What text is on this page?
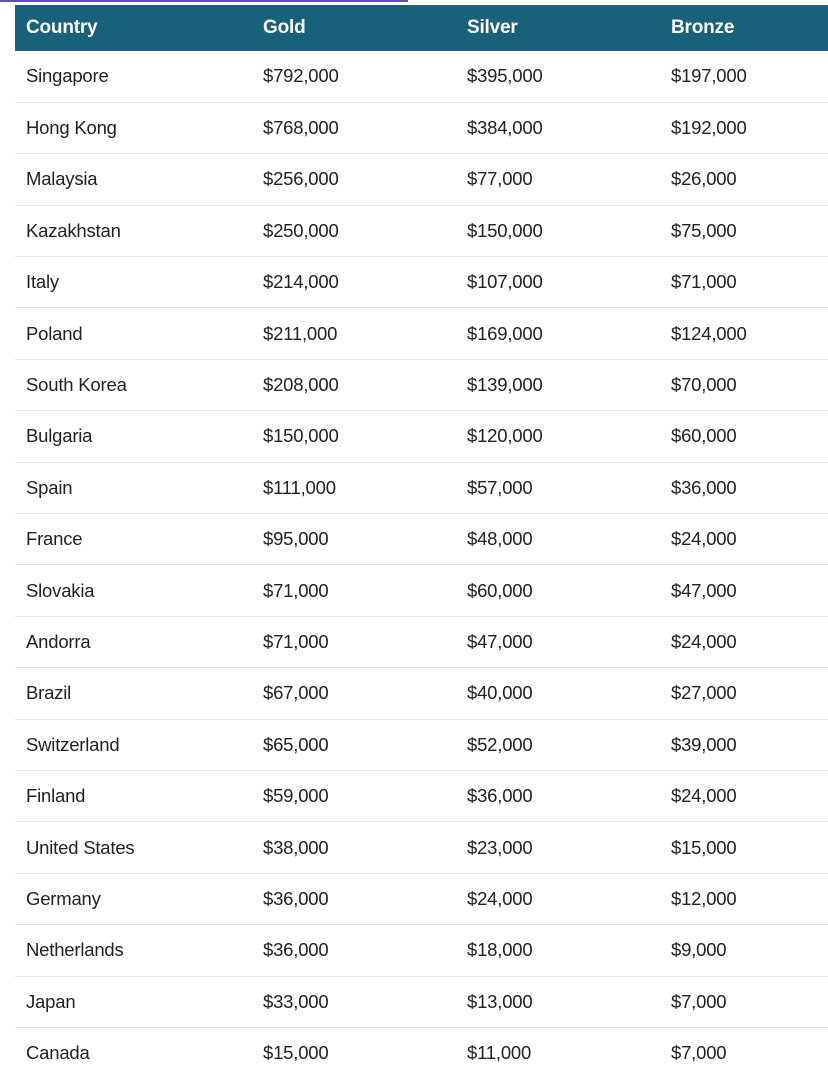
Country	Gold	Silver	Bronze
Singapore	$792,000	$395,000	$197,000
Hong Kong	$768,000	$384,000	$192,000
Malaysia	$256,000	$77,000	$26,000
Kazakhstan	$250,000	$150,000	$75,000
Italy	$214,000	$107,000	$71,000
Poland	$211,000	$169,000	$124,000
South Korea	$208,000	$139,000	$70,000
Bulgaria	$150,000	$120,000	$60,000
Spain	$111,000	$57,000	$36,000
France	$95,000	$48,000	$24,000
Slovakia	$71,000	$60,000	$47,000
Andorra	$71,000	$47,000	$24,000
Brazil	$67,000	$40,000	$27,000
Switzerland	$65,000	$52,000	$39,000
Finland	$59,000	$36,000	$24,000
United States	$38,000	$23,000	$15,000
Germany	$36,000	$24,000	$12,000
Netherlands	$36,000	$18,000	$9,000
Japan	$33,000	$13,000	$7,000
Canada	$15,000	$11,000	$7,000
